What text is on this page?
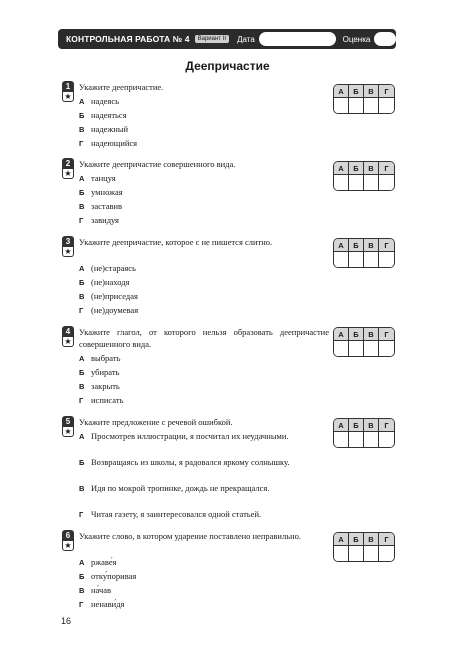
КОНТРОЛЬНАЯ РАБОТА № 4	Вариант II	Дата	Оценка
Деепричастие
1
★
Укажите деепричастие.
А надеясь
Б надеяться
В надежный
Г надеющийся
А	Б	В	Г
2
★
Укажите деепричастие совершенного вида.
А танцуя
Б умножая
В заставив
Г завидуя
А	Б	В	Г
3
★
Укажите деепричастие, которое с не пишется слитно.
А (не)стараясь
Б (не)находя
В (не)приседая
Г (не)доумевая
А	Б	В	Г
4
★
Укажите глагол, от которого нельзя образовать деепричастие совершенного вида.
А выбрать
Б убирать
В закрыть
Г исписать
А	Б	В	Г
5
★
Укажите предложение с речевой ошибкой.
А Просмотрев иллюстрации, я посчитал их неудачными.
Б Возвращаясь из школы, я радовался яркому солнышку.
В Идя по мокрой тропинке, дождь не прекращался.
Г Читая газету, я заинтересовался одной статьей.
А	Б	В	Г
6
★
Укажите слово, в котором ударение поставлено неправильно.
А ржаве́я
Б отку́поривая
В на́чав
Г ненави́дя
А	Б	В	Г
16
